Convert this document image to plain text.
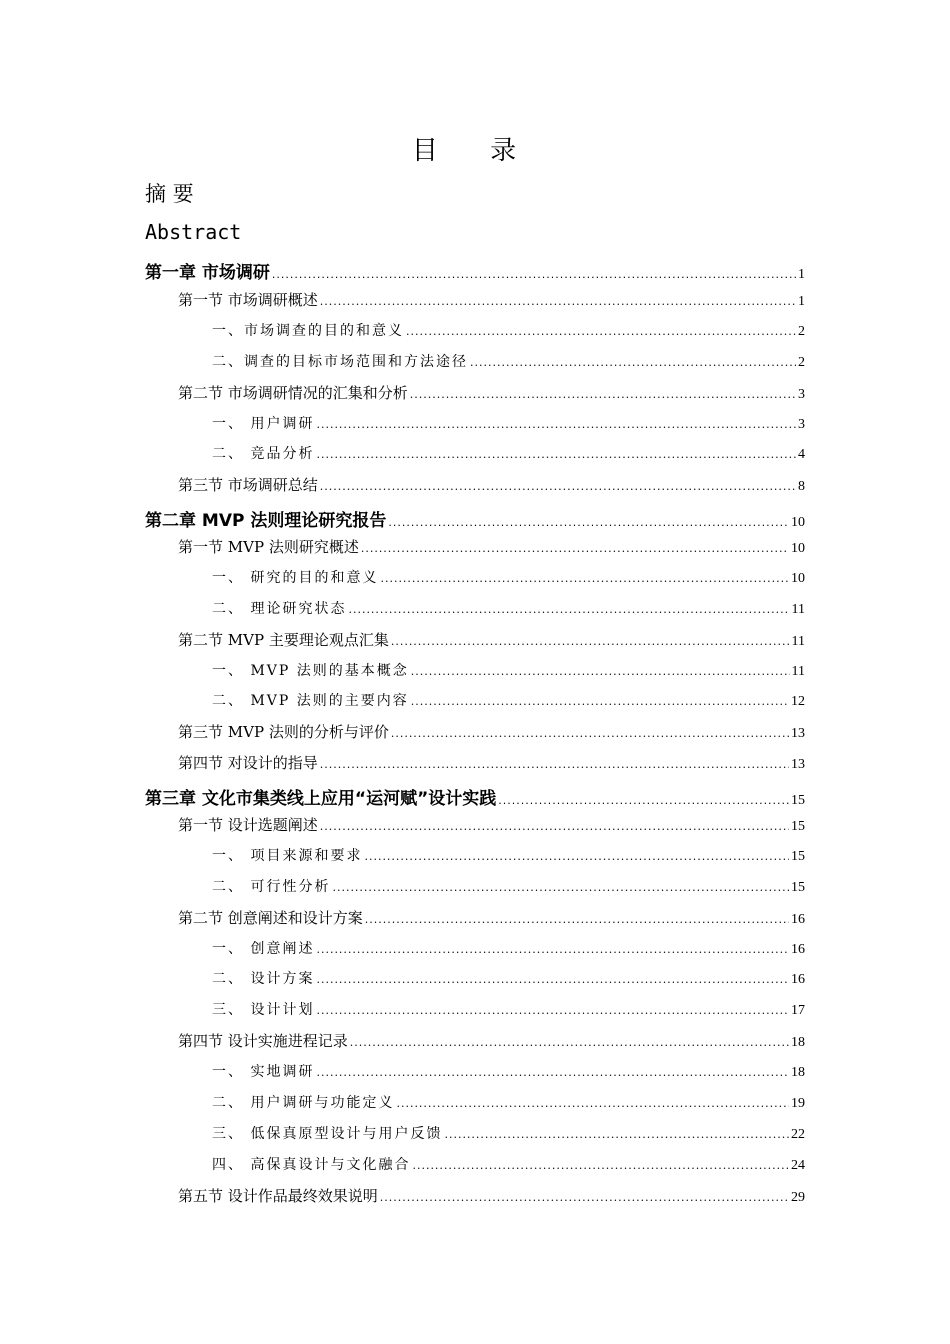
目 录
摘 要
Abstract
第一章 市场调研 .....	1
第一节 市场调研概述 .....	1
一、市场调查的目的和意义 .....	2
二、调查的目标市场范围和方法途径 .....	2
第二节 市场调研情况的汇集和分析 .....	3
一、 用户调研 .....	3
二、 竞品分析 .....	4
第三节 市场调研总结 .....	8
第二章 MVP 法则理论研究报告 .....	10
第一节 MVP 法则研究概述 .....	10
一、 研究的目的和意义 .....	10
二、 理论研究状态 .....	11
第二节 MVP 主要理论观点汇集 .....	11
一、 MVP 法则的基本概念 .....	11
二、 MVP 法则的主要内容 .....	12
第三节 MVP 法则的分析与评价 .....	13
第四节 对设计的指导 .....	13
第三章 文化市集类线上应用“运河赋”设计实践 .....	15
第一节 设计选题阐述 .....	15
一、 项目来源和要求 .....	15
二、 可行性分析 .....	15
第二节 创意阐述和设计方案 .....	16
一、 创意阐述 .....	16
二、 设计方案 .....	16
三、 设计计划 .....	17
第四节 设计实施进程记录 .....	18
一、 实地调研 .....	18
二、 用户调研与功能定义 .....	19
三、 低保真原型设计与用户反馈 .....	22
四、 高保真设计与文化融合 .....	24
第五节 设计作品最终效果说明 .....	29
